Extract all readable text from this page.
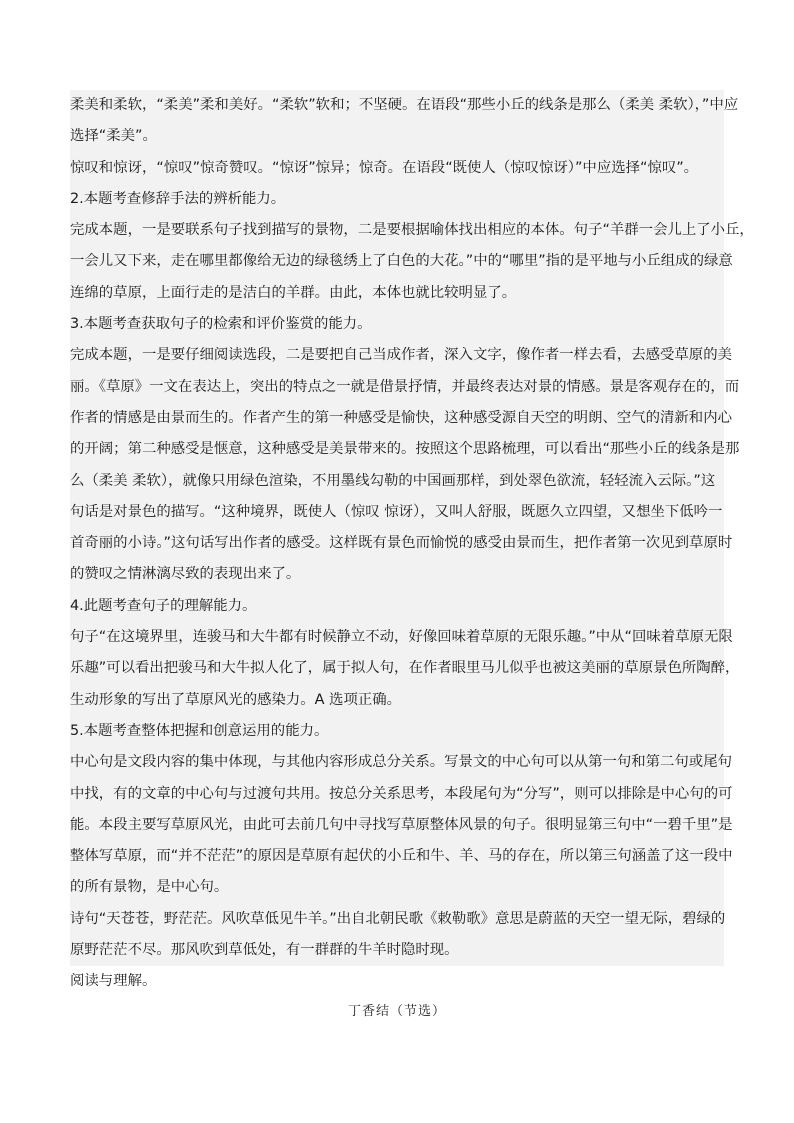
柔美和柔软，“柔美”柔和美好。“柔软”软和；不坚硬。在语段“那些小丘的线条是那么（柔美 柔软），”中应
选择“柔美”。
惊叹和惊讶，“惊叹”惊奇赞叹。“惊讶”惊异；惊奇。在语段“既使人（惊叹惊讶）”中应选择“惊叹”。
2.本题考查修辞手法的辨析能力。
完成本题，一是要联系句子找到描写的景物，二是要根据喻体找出相应的本体。句子“羊群一会儿上了小丘，
一会儿又下来，走在哪里都像给无边的绿毯绣上了白色的大花。”中的“哪里”指的是平地与小丘组成的绿意
连绵的草原，上面行走的是洁白的羊群。由此，本体也就比较明显了。
3.本题考查获取句子的检索和评价鉴赏的能力。
完成本题，一是要仔细阅读选段，二是要把自己当成作者，深入文字，像作者一样去看，去感受草原的美
丽。《草原》一文在表达上，突出的特点之一就是借景抒情，并最终表达对景的情感。景是客观存在的，而
作者的情感是由景而生的。作者产生的第一种感受是愉快，这种感受源自天空的明朗、空气的清新和内心
的开阔；第二种感受是惬意，这种感受是美景带来的。按照这个思路梳理，可以看出“那些小丘的线条是那
么（柔美 柔软），就像只用绿色渲染，不用墨线勾勒的中国画那样，到处翠色欲流，轻轻流入云际。”这
句话是对景色的描写。“这种境界，既使人（惊叹 惊讶），又叫人舒服，既愿久立四望，又想坐下低吟一
首奇丽的小诗。”这句话写出作者的感受。这样既有景色而愉悦的感受由景而生，把作者第一次见到草原时
的赞叹之情淋漓尽致的表现出来了。
4.此题考查句子的理解能力。
句子“在这境界里，连骏马和大牛都有时候静立不动，好像回味着草原的无限乐趣。”中从“回味着草原无限
乐趣”可以看出把骏马和大牛拟人化了，属于拟人句，在作者眼里马儿似乎也被这美丽的草原景色所陶醉，
生动形象的写出了草原风光的感染力。A 选项正确。
5.本题考查整体把握和创意运用的能力。
中心句是文段内容的集中体现，与其他内容形成总分关系。写景文的中心句可以从第一句和第二句或尾句
中找，有的文章的中心句与过渡句共用。按总分关系思考，本段尾句为“分写”，则可以排除是中心句的可
能。本段主要写草原风光，由此可去前几句中寻找写草原整体风景的句子。很明显第三句中“一碧千里”是
整体写草原，而“并不茫茫”的原因是草原有起伏的小丘和牛、羊、马的存在，所以第三句涵盖了这一段中
的所有景物，是中心句。
诗句“天苍苍，野茫茫。风吹草低见牛羊。”出自北朝民歌《敕勒歌》意思是蔚蓝的天空一望无际，碧绿的
原野茫茫不尽。那风吹到草低处，有一群群的牛羊时隐时现。
阅读与理解。
丁香结（节选）
